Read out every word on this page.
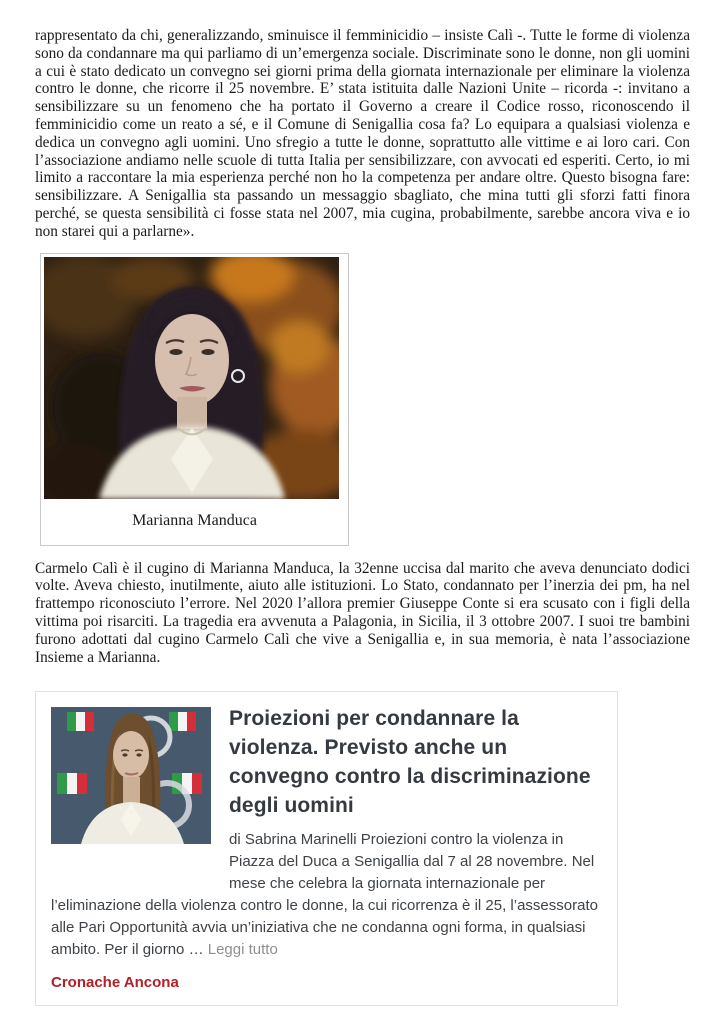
rappresentato da chi, generalizzando, sminuisce il femminicidio – insiste Calì -. Tutte le forme di violenza sono da condannare ma qui parliamo di un’emergenza sociale. Discriminate sono le donne, non gli uomini a cui è stato dedicato un convegno sei giorni prima della giornata internazionale per eliminare la violenza contro le donne, che ricorre il 25 novembre. E’ stata istituita dalle Nazioni Unite – ricorda -: invitano a sensibilizzare su un fenomeno che ha portato il Governo a creare il Codice rosso, riconoscendo il femminicidio come un reato a sé, e il Comune di Senigallia cosa fa? Lo equipara a qualsiasi violenza e dedica un convegno agli uomini. Uno sfregio a tutte le donne, soprattutto alle vittime e ai loro cari. Con l’associazione andiamo nelle scuole di tutta Italia per sensibilizzare, con avvocati ed esperiti. Certo, io mi limito a raccontare la mia esperienza perché non ho la competenza per andare oltre. Questo bisogna fare: sensibilizzare. A Senigallia sta passando un messaggio sbagliato, che mina tutti gli sforzi fatti finora perché, se questa sensibilità ci fosse stata nel 2007, mia cugina, probabilmente, sarebbe ancora viva e io non starei qui a parlarne».

Marianna Manduca

Carmelo Calì è il cugino di Marianna Manduca, la 32enne uccisa dal marito che aveva denunciato dodici volte. Aveva chiesto, inutilmente, aiuto alle istituzioni. Lo Stato, condannato per l’inerzia dei pm, ha nel frattempo riconosciuto l’errore. Nel 2020 l’allora premier Giuseppe Conte si era scusato con i figli della vittima poi risarciti. La tragedia era avvenuta a Palagonia, in Sicilia, il 3 ottobre 2007. I suoi tre bambini furono adottati dal cugino Carmelo Calì che vive a Senigallia e, in sua memoria, è nata l’associazione Insieme a Marianna.

Proiezioni per condannare la violenza. Previsto anche un convegno contro la discriminazione degli uomini

di Sabrina Marinelli Proiezioni contro la violenza in Piazza del Duca a Senigallia dal 7 al 28 novembre. Nel mese che celebra la giornata internazionale per l’eliminazione della violenza contro le donne, la cui ricorrenza è il 25, l’assessorato alle Pari Opportunità avvia un’iniziativa che ne condanna ogni forma, in qualsiasi ambito. Per il giorno … Leggi tutto

Cronache Ancona
